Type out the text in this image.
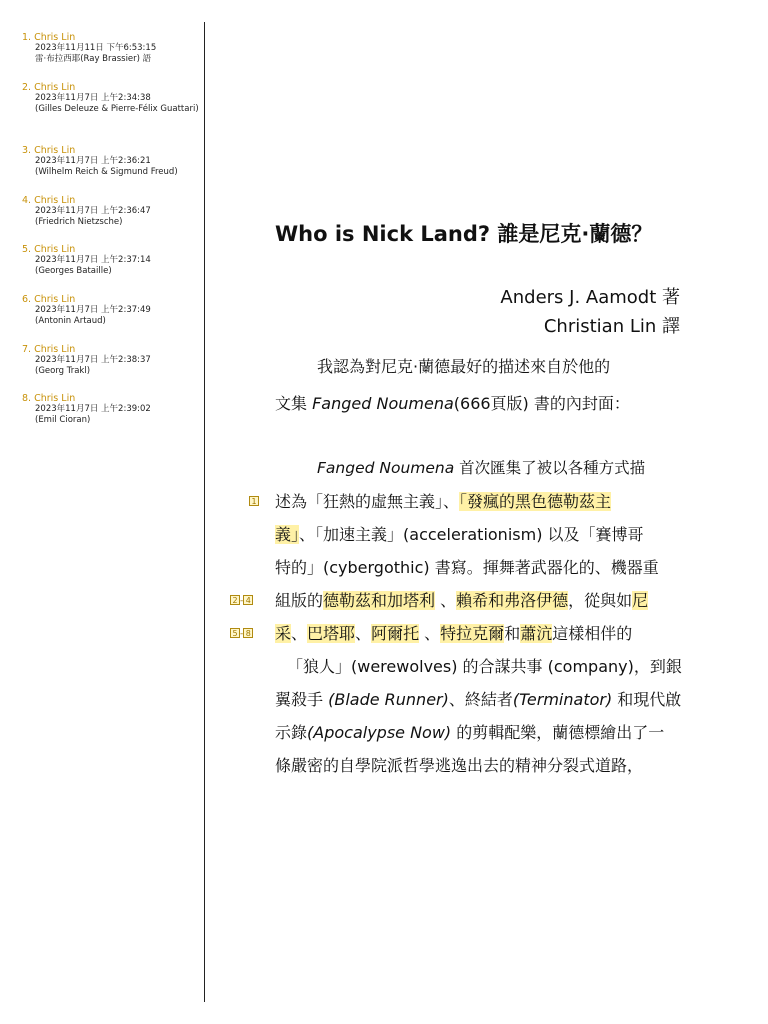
1. Chris Lin
2023年11月11日 下午6:53:15
雷·布拉西耶(Ray Brassier) 語
2. Chris Lin
2023年11月7日 上午2:34:38
(Gilles Deleuze & Pierre-Félix Guattari)
3. Chris Lin
2023年11月7日 上午2:36:21
(Wilhelm Reich & Sigmund Freud)
4. Chris Lin
2023年11月7日 上午2:36:47
(Friedrich Nietzsche)
5. Chris Lin
2023年11月7日 上午2:37:14
(Georges Bataille)
6. Chris Lin
2023年11月7日 上午2:37:49
(Antonin Artaud)
7. Chris Lin
2023年11月7日 上午2:38:37
(Georg Trakl)
8. Chris Lin
2023年11月7日 上午2:39:02
(Emil Cioran)
Who is Nick Land? 誰是尼克·蘭德？
Anders J. Aamodt 著
Christian Lin 譯
我認為對尼克·蘭德最好的描述來自於他的
文集 Fanged Noumena(666頁版) 書的內封面：
Fanged Noumena 首次匯集了被以各種方式描
述為「狂熱的虛無主義」、「發瘋的黑色德勒茲主
義」、「加速主義」(accelerationism) 以及「賽博哥
特的」(cybergothic) 書寫。揮舞著武器化的、機器重
組版的德勒茲和加塔利 、賴希和弗洛伊德，從與如尼
采、巴塔耶、阿爾托 、特拉克爾和蕭沆這樣相伴的
「狼人」(werewolves) 的合謀共事 (company)，到銀
翼殺手 (Blade Runner)、終結者(Terminator) 和現代啟
示錄(Apocalypse Now) 的剪輯配樂，蘭德標繪出了一
條嚴密的自學院派哲學逃逸出去的精神分裂式道路，
1
2 - 4
5 - 8
